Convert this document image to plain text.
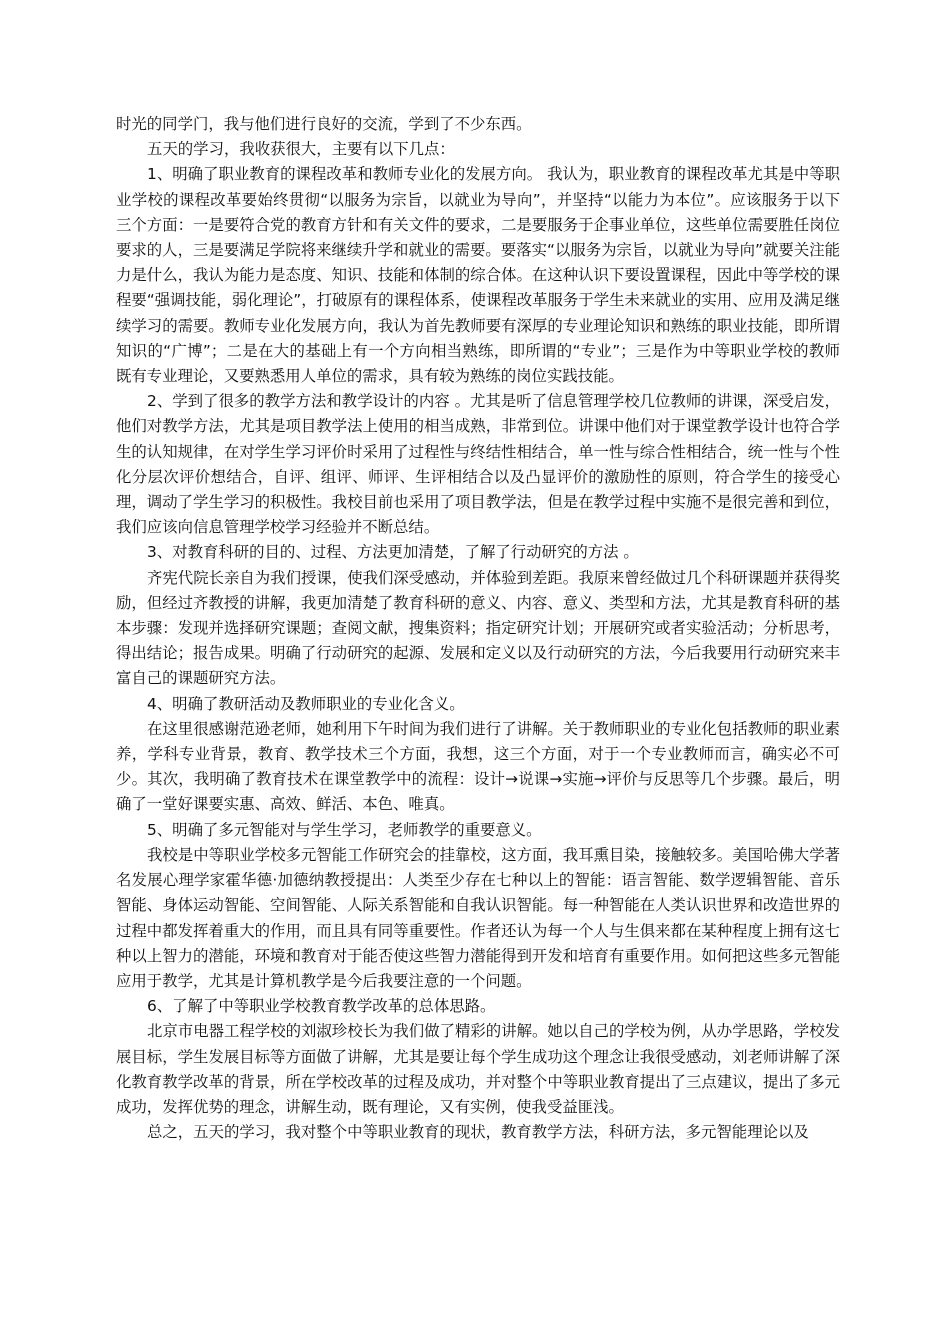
时光的同学门，我与他们进行良好的交流，学到了不少东西。

五天的学习，我收获很大，主要有以下几点：

1、明确了职业教育的课程改革和教师专业化的发展方向。 我认为，职业教育的课程改革尤其是中等职业学校的课程改革要始终贯彻“以服务为宗旨，以就业为导向”，并坚持“以能力为本位”。应该服务于以下三个方面：一是要符合党的教育方针和有关文件的要求，二是要服务于企事业单位，这些单位需要胜任岗位要求的人，三是要满足学院将来继续升学和就业的需要。要落实“以服务为宗旨，以就业为导向”就要关注能力是什么，我认为能力是态度、知识、技能和体制的综合体。在这种认识下要设置课程，因此中等学校的课程要“强调技能，弱化理论”，打破原有的课程体系，使课程改革服务于学生未来就业的实用、应用及满足继续学习的需要。教师专业化发展方向，我认为首先教师要有深厚的专业理论知识和熟练的职业技能，即所谓知识的“广博”；二是在大的基础上有一个方向相当熟练，即所谓的“专业”；三是作为中等职业学校的教师既有专业理论，又要熟悉用人单位的需求，具有较为熟练的岗位实践技能。

2、学到了很多的教学方法和教学设计的内容 。尤其是听了信息管理学校几位教师的讲课，深受启发，他们对教学方法，尤其是项目教学法上使用的相当成熟，非常到位。讲课中他们对于课堂教学设计也符合学生的认知规律，在对学生学习评价时采用了过程性与终结性相结合，单一性与综合性相结合，统一性与个性化分层次评价想结合，自评、组评、师评、生评相结合以及凸显评价的激励性的原则，符合学生的接受心理，调动了学生学习的积极性。我校目前也采用了项目教学法，但是在教学过程中实施不是很完善和到位，我们应该向信息管理学校学习经验并不断总结。

3、对教育科研的目的、过程、方法更加清楚，了解了行动研究的方法 。

齐宪代院长亲自为我们授课，使我们深受感动，并体验到差距。我原来曾经做过几个科研课题并获得奖励，但经过齐教授的讲解，我更加清楚了教育科研的意义、内容、意义、类型和方法，尤其是教育科研的基本步骤：发现并选择研究课题；查阅文献，搜集资料；指定研究计划；开展研究或者实验活动；分析思考，得出结论；报告成果。明确了行动研究的起源、发展和定义以及行动研究的方法，今后我要用行动研究来丰富自己的课题研究方法。

4、明确了教研活动及教师职业的专业化含义。

在这里很感谢范逊老师，她利用下午时间为我们进行了讲解。关于教师职业的专业化包括教师的职业素养，学科专业背景，教育、教学技术三个方面，我想，这三个方面，对于一个专业教师而言，确实必不可少。其次，我明确了教育技术在课堂教学中的流程：设计→说课→实施→评价与反思等几个步骤。最后，明确了一堂好课要实惠、高效、鲜活、本色、唯真。

5、明确了多元智能对与学生学习，老师教学的重要意义。

我校是中等职业学校多元智能工作研究会的挂靠校，这方面，我耳熏目染，接触较多。美国哈佛大学著名发展心理学家霍华德·加德纳教授提出：人类至少存在七种以上的智能：语言智能、数学逻辑智能、音乐智能、身体运动智能、空间智能、人际关系智能和自我认识智能。每一种智能在人类认识世界和改造世界的过程中都发挥着重大的作用，而且具有同等重要性。作者还认为每一个人与生俱来都在某种程度上拥有这七种以上智力的潜能，环境和教育对于能否使这些智力潜能得到开发和培育有重要作用。如何把这些多元智能应用于教学，尤其是计算机教学是今后我要注意的一个问题。

6、了解了中等职业学校教育教学改革的总体思路。

北京市电器工程学校的刘淑珍校长为我们做了精彩的讲解。她以自己的学校为例，从办学思路，学校发展目标，学生发展目标等方面做了讲解，尤其是要让每个学生成功这个理念让我很受感动，刘老师讲解了深化教育教学改革的背景，所在学校改革的过程及成功，并对整个中等职业教育提出了三点建议，提出了多元成功，发挥优势的理念，讲解生动，既有理论，又有实例，使我受益匪浅。

总之，五天的学习，我对整个中等职业教育的现状，教育教学方法，科研方法，多元智能理论以及
